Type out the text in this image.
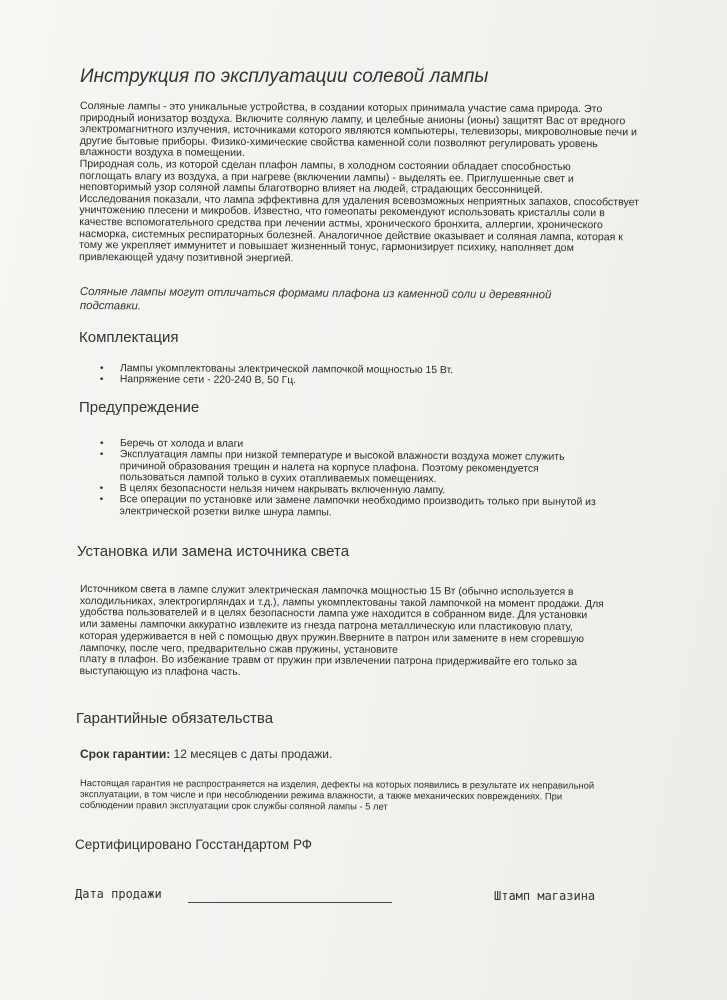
Инструкция по эксплуатации солевой лампы

Соляные лампы - это уникальные устройства, в создании которых принимала участие сама природа. Это

природный ионизатор воздуха. Включите соляную лампу, и целебные анионы (ионы) защитят Вас от вредного

электромагнитного излучения, источниками которого являются компьютеры, телевизоры, микроволновые печи и

другие бытовые приборы. Физико-химические свойства каменной соли позволяют регулировать уровень

влажности воздуха в помещении.

Природная соль, из которой сделан плафон лампы, в холодном состоянии обладает способностью

поглощать влагу из воздуха, а при нагреве (включении лампы) - выделять ее. Приглушенные свет и

неповторимый узор соляной лампы благотворно влияет на людей, страдающих бессонницей.

Исследования показали, что лампа эффективна для удаления всевозможных неприятных запахов, способствует

уничтожению плесени и микробов. Известно, что гомеопаты рекомендуют использовать кристаллы соли в

качестве вспомогательного средства при лечении астмы, хронического бронхита, аллергии, хронического

насморка, системных респираторных болезней. Аналогичное действие оказывает и соляная лампа, которая к

тому же укрепляет иммунитет и повышает жизненный тонус, гармонизирует психику, наполняет дом

привлекающей удачу позитивной энергией.

Соляные лампы могут отличаться формами плафона из каменной соли и деревянной
подставки.
Комплектация
• Лампы укомплектованы электрической лампочкой мощностью 15 Вт.
• Напряжение сети - 220-240 В, 50 Гц.
Предупреждение
• Беречь от холода и влаги
• Эксплуатация лампы при низкой температуре и высокой влажности воздуха может служить
причиной образования трещин и налета на корпусе плафона. Поэтому рекомендуется
пользоваться лампой только в сухих отапливаемых помещениях.
• В целях безопасности нельзя ничем накрывать включенную лампу.
• Все операции по установке или замене лампочки необходимо производить только при вынутой из
электрической розетки вилке шнура лампы.
Установка или замена источника света
Источником света в лампе служит электрическая лампочка мощностью 15 Вт (обычно используется в
холодильниках, электрогирляндах и т.д.), лампы укомплектованы такой лампочкой на момент продажи. Для
удобства пользователей и в целях безопасности лампа уже находится в собранном виде. Для установки
или замены лампочки аккуратно извлеките из гнезда патрона металлическую или пластиковую плату,
которая удерживается в ней с помощью двух пружин.Вверните в патрон или замените в нем сгоревшую
лампочку, после чего, предварительно сжав пружины, установите
плату в плафон. Во избежание травм от пружин при извлечении патрона придерживайте его только за
выступающую из плафона часть.
Гарантийные обязательства
Срок гарантии: 12 месяцев с даты продажи.
Настоящая гарантия не распространяется на изделия, дефекты на которых появились в результате их неправильной
эксплуатации, в том числе и при несоблюдении режима влажности, а также механических повреждениях. При
соблюдении правил эксплуатации срок службы соляной лампы - 5 лет
Сертифицировано Госстандартом РФ
Дата продажи	Штамп магазина
